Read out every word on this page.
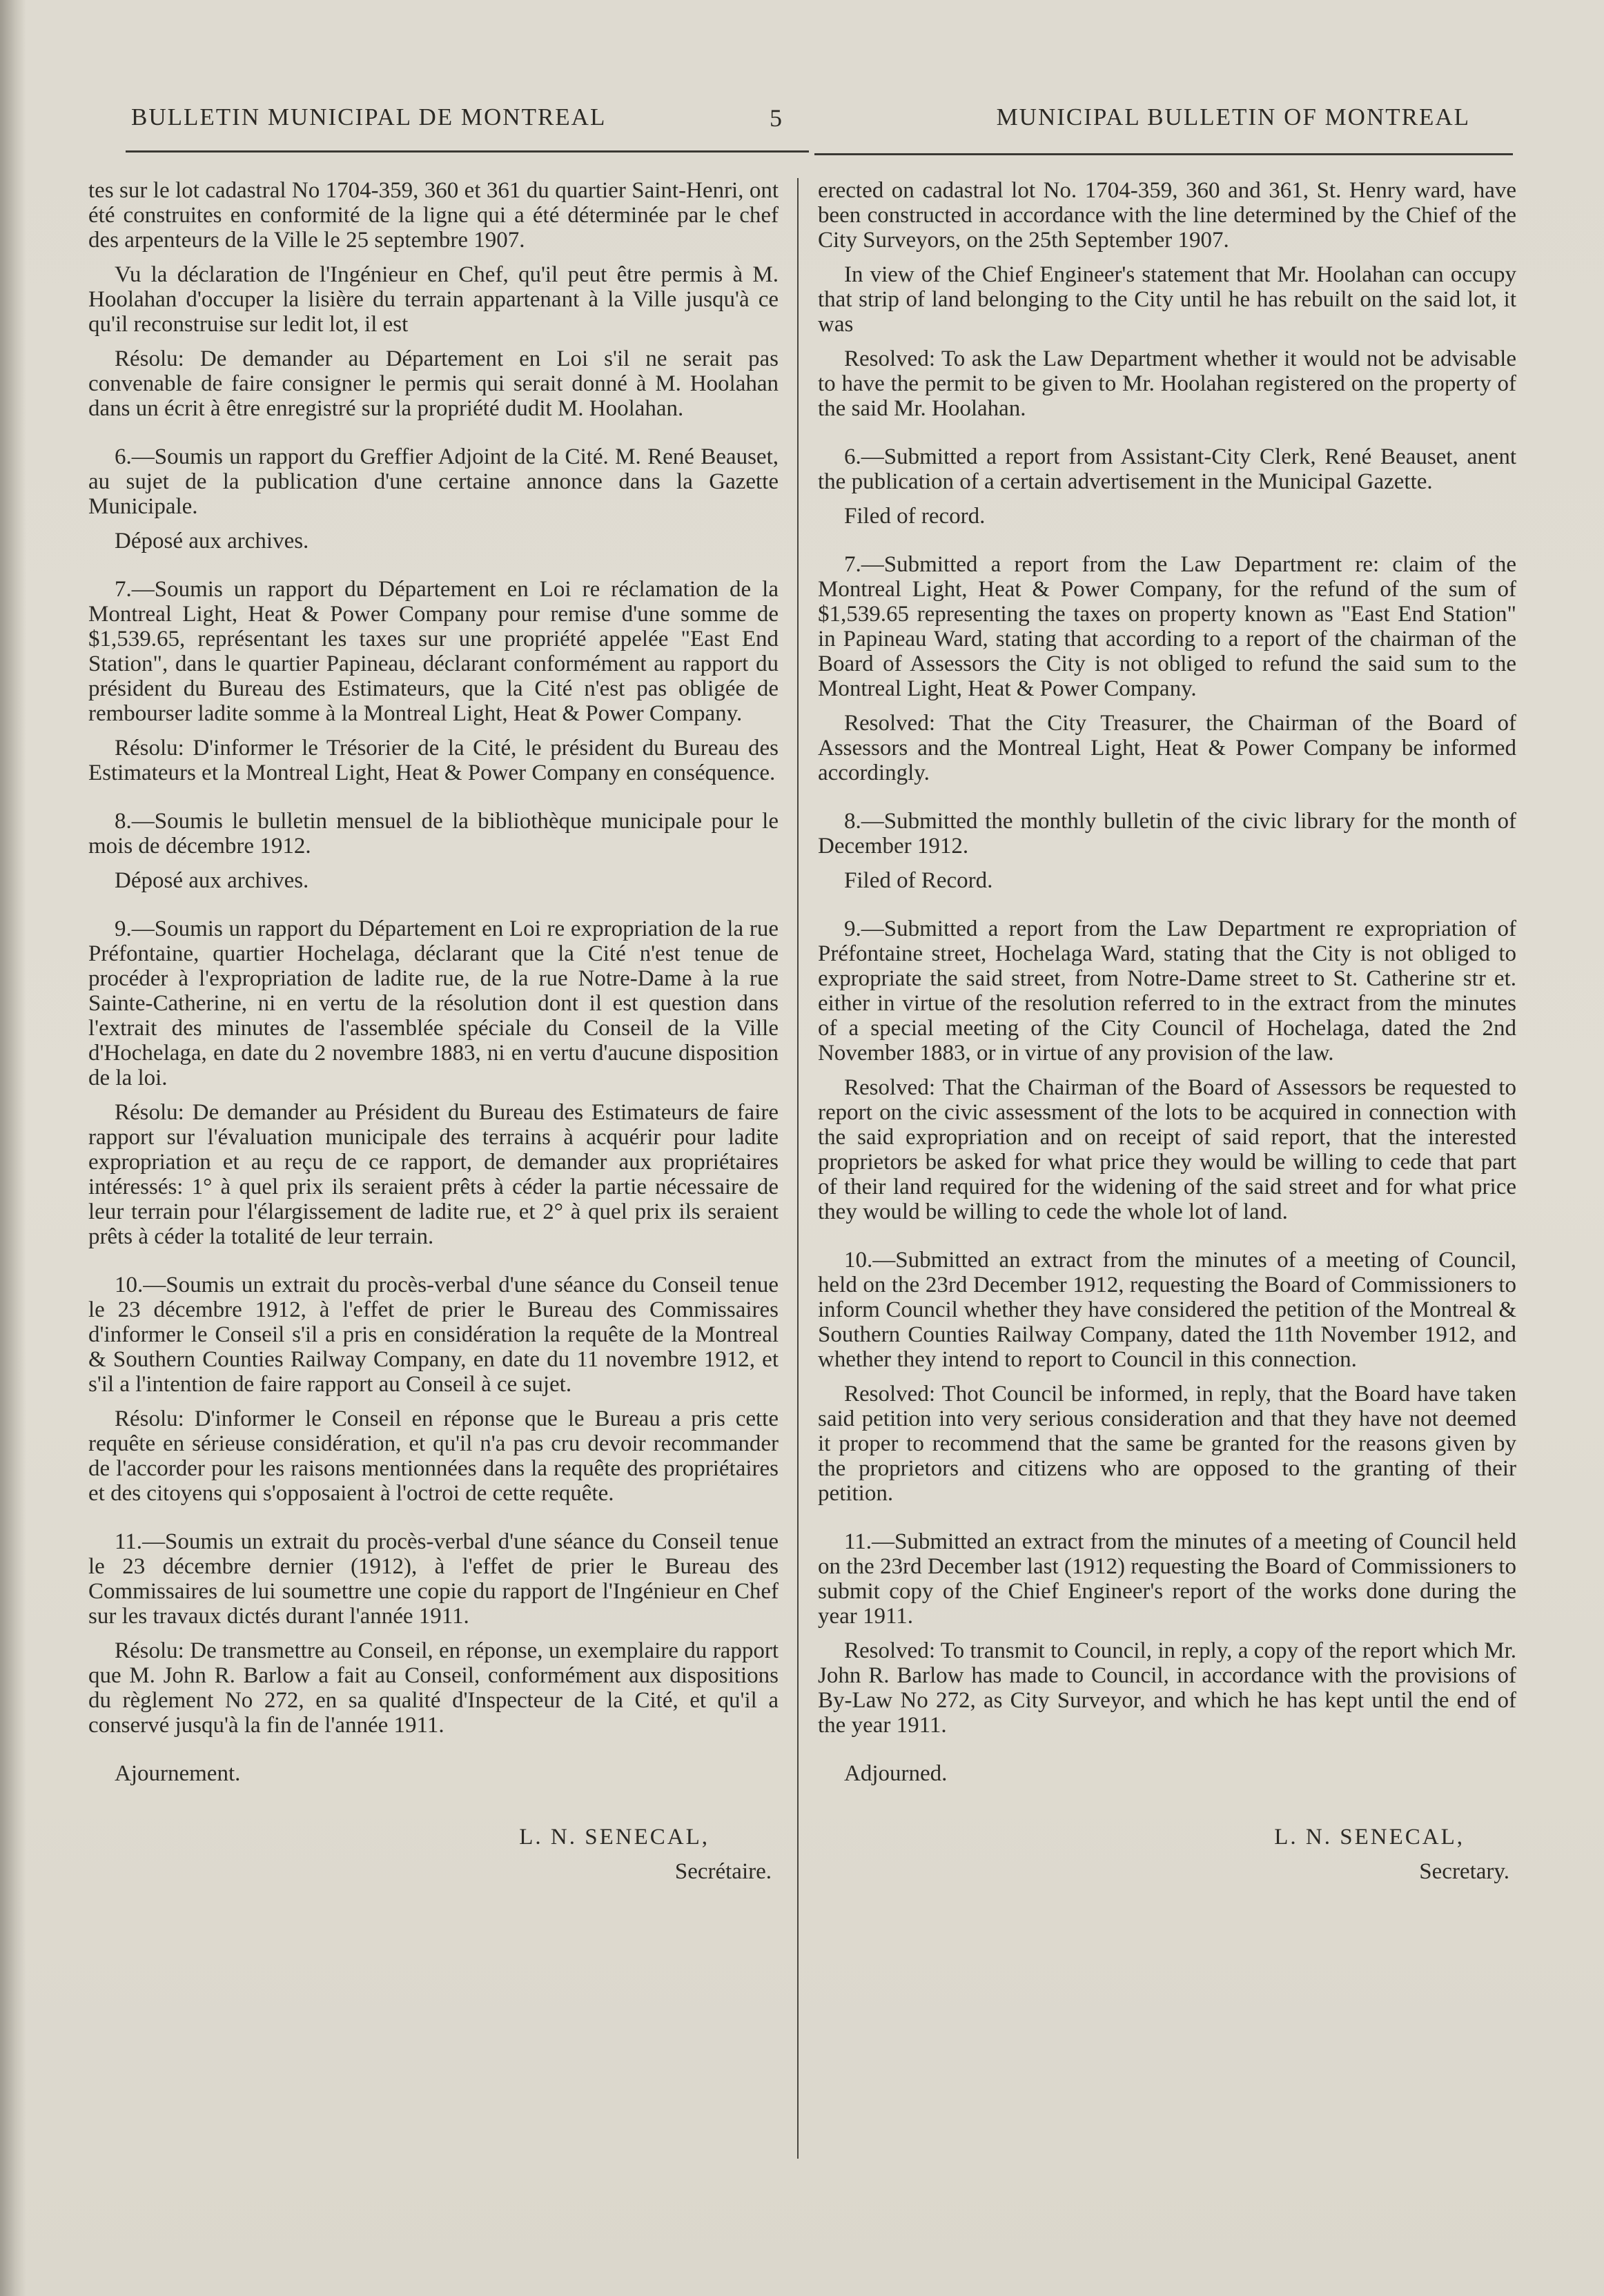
BULLETIN MUNICIPAL DE MONTREAL	5	MUNICIPAL BULLETIN OF MONTREAL

tes sur le lot cadastral No 1704-359, 360 et 361 du quartier Saint-Henri, ont été construites en conformité de la ligne qui a été déterminée par le chef des arpenteurs de la Ville le 25 septembre 1907.

Vu la déclaration de l'Ingénieur en Chef, qu'il peut être permis à M. Hoolahan d'occuper la lisière du terrain appartenant à la Ville jusqu'à ce qu'il reconstruise sur ledit lot, il est

Résolu: De demander au Département en Loi s'il ne serait pas convenable de faire consigner le permis qui serait donné à M. Hoolahan dans un écrit à être enregistré sur la propriété dudit M. Hoolahan.

6.—Soumis un rapport du Greffier Adjoint de la Cité. M. René Beauset, au sujet de la publication d'une certaine annonce dans la Gazette Municipale.

Déposé aux archives.

7.—Soumis un rapport du Département en Loi re réclamation de la Montreal Light, Heat & Power Company pour remise d'une somme de $1,539.65, représentant les taxes sur une propriété appelée "East End Station", dans le quartier Papineau, déclarant conformément au rapport du président du Bureau des Estimateurs, que la Cité n'est pas obligée de rembourser ladite somme à la Montreal Light, Heat & Power Company.

Résolu: D'informer le Trésorier de la Cité, le président du Bureau des Estimateurs et la Montreal Light, Heat & Power Company en conséquence.

8.—Soumis le bulletin mensuel de la bibliothèque municipale pour le mois de décembre 1912.

Déposé aux archives.

9.—Soumis un rapport du Département en Loi re expropriation de la rue Préfontaine, quartier Hochelaga, déclarant que la Cité n'est tenue de procéder à l'expropriation de ladite rue, de la rue Notre-Dame à la rue Sainte-Catherine, ni en vertu de la résolution dont il est question dans l'extrait des minutes de l'assemblée spéciale du Conseil de la Ville d'Hochelaga, en date du 2 novembre 1883, ni en vertu d'aucune disposition de la loi.

Résolu: De demander au Président du Bureau des Estimateurs de faire rapport sur l'évaluation municipale des terrains à acquérir pour ladite expropriation et au reçu de ce rapport, de demander aux propriétaires intéressés: 1° à quel prix ils seraient prêts à céder la partie nécessaire de leur terrain pour l'élargissement de ladite rue, et 2° à quel prix ils seraient prêts à céder la totalité de leur terrain.

10.—Soumis un extrait du procès-verbal d'une séance du Conseil tenue le 23 décembre 1912, à l'effet de prier le Bureau des Commissaires d'informer le Conseil s'il a pris en considération la requête de la Montreal & Southern Counties Railway Company, en date du 11 novembre 1912, et s'il a l'intention de faire rapport au Conseil à ce sujet.

Résolu: D'informer le Conseil en réponse que le Bureau a pris cette requête en sérieuse considération, et qu'il n'a pas cru devoir recommander de l'accorder pour les raisons mentionnées dans la requête des propriétaires et des citoyens qui s'opposaient à l'octroi de cette requête.

11.—Soumis un extrait du procès-verbal d'une séance du Conseil tenue le 23 décembre dernier (1912), à l'effet de prier le Bureau des Commissaires de lui soumettre une copie du rapport de l'Ingénieur en Chef sur les travaux dictés durant l'année 1911.

Résolu: De transmettre au Conseil, en réponse, un exemplaire du rapport que M. John R. Barlow a fait au Conseil, conformément aux dispositions du règlement No 272, en sa qualité d'Inspecteur de la Cité, et qu'il a conservé jusqu'à la fin de l'année 1911.

Ajournement.

L. N. SENECAL,
Secrétaire.

erected on cadastral lot No. 1704-359, 360 and 361, St. Henry ward, have been constructed in accordance with the line determined by the Chief of the City Surveyors, on the 25th September 1907.

In view of the Chief Engineer's statement that Mr. Hoolahan can occupy that strip of land belonging to the City until he has rebuilt on the said lot, it was

Resolved: To ask the Law Department whether it would not be advisable to have the permit to be given to Mr. Hoolahan registered on the property of the said Mr. Hoolahan.

6.—Submitted a report from Assistant-City Clerk, René Beauset, anent the publication of a certain advertisement in the Municipal Gazette.

Filed of record.

7.—Submitted a report from the Law Department re: claim of the Montreal Light, Heat & Power Company, for the refund of the sum of $1,539.65 representing the taxes on property known as "East End Station" in Papineau Ward, stating that according to a report of the chairman of the Board of Assessors the City is not obliged to refund the said sum to the Montreal Light, Heat & Power Company.

Resolved: That the City Treasurer, the Chairman of the Board of Assessors and the Montreal Light, Heat & Power Company be informed accordingly.

8.—Submitted the monthly bulletin of the civic library for the month of December 1912.

Filed of Record.

9.—Submitted a report from the Law Department re expropriation of Préfontaine street, Hochelaga Ward, stating that the City is not obliged to expropriate the said street, from Notre-Dame street to St. Catherine str et. either in virtue of the resolution referred to in the extract from the minutes of a special meeting of the City Council of Hochelaga, dated the 2nd November 1883, or in virtue of any provision of the law.

Resolved: That the Chairman of the Board of Assessors be requested to report on the civic assessment of the lots to be acquired in connection with the said expropriation and on receipt of said report, that the interested proprietors be asked for what price they would be willing to cede that part of their land required for the widening of the said street and for what price they would be willing to cede the whole lot of land.

10.—Submitted an extract from the minutes of a meeting of Council, held on the 23rd December 1912, requesting the Board of Commissioners to inform Council whether they have considered the petition of the Montreal & Southern Counties Railway Company, dated the 11th November 1912, and whether they intend to report to Council in this connection.

Resolved: Thot Council be informed, in reply, that the Board have taken said petition into very serious consideration and that they have not deemed it proper to recommend that the same be granted for the reasons given by the proprietors and citizens who are opposed to the granting of their petition.

11.—Submitted an extract from the minutes of a meeting of Council held on the 23rd December last (1912) requesting the Board of Commissioners to submit copy of the Chief Engineer's report of the works done during the year 1911.

Resolved: To transmit to Council, in reply, a copy of the report which Mr. John R. Barlow has made to Council, in accordance with the provisions of By-Law No 272, as City Surveyor, and which he has kept until the end of the year 1911.

Adjourned.

L. N. SENECAL,
Secretary.
